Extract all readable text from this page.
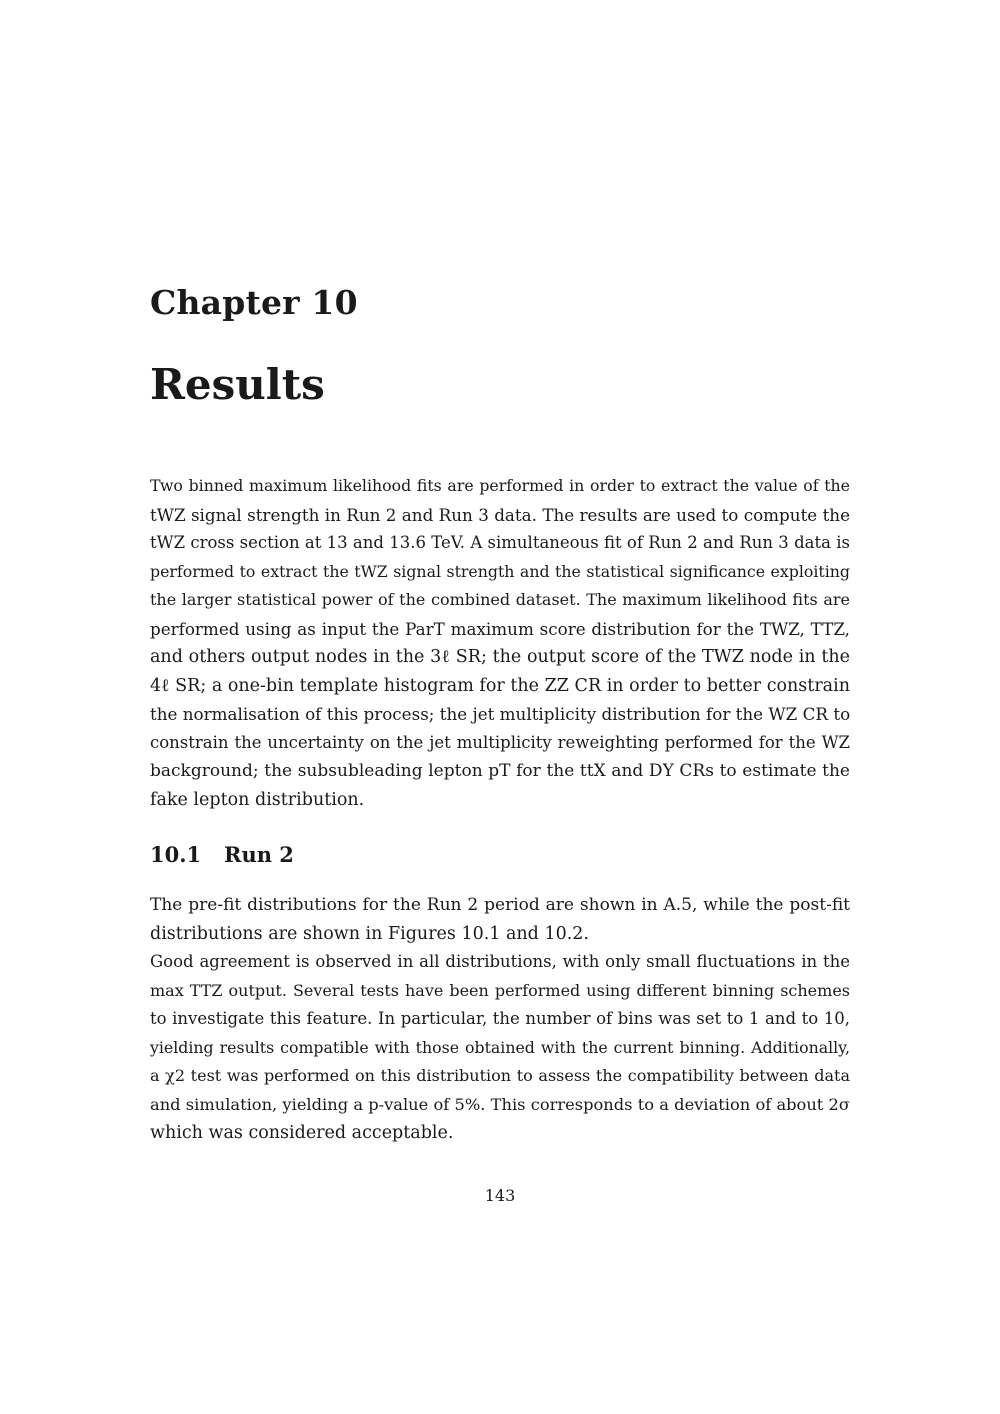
Chapter 10
Results
Two binned maximum likelihood fits are performed in order to extract the value of the
tWZ signal strength in Run 2 and Run 3 data. The results are used to compute the
tWZ cross section at 13 and 13.6 TeV. A simultaneous fit of Run 2 and Run 3 data is
performed to extract the tWZ signal strength and the statistical significance exploiting
the larger statistical power of the combined dataset. The maximum likelihood fits are
performed using as input the ParT maximum score distribution for the TWZ, TTZ,
and others output nodes in the 3ℓ SR; the output score of the TWZ node in the
4ℓ SR; a one-bin template histogram for the ZZ CR in order to better constrain
the normalisation of this process; the jet multiplicity distribution for the WZ CR to
constrain the uncertainty on the jet multiplicity reweighting performed for the WZ
background; the subsubleading lepton pT for the ttX and DY CRs to estimate the
fake lepton distribution.
10.1 Run 2
The pre-fit distributions for the Run 2 period are shown in A.5, while the post-fit
distributions are shown in Figures 10.1 and 10.2.
Good agreement is observed in all distributions, with only small fluctuations in the
max TTZ output. Several tests have been performed using different binning schemes
to investigate this feature. In particular, the number of bins was set to 1 and to 10,
yielding results compatible with those obtained with the current binning. Additionally,
a χ2 test was performed on this distribution to assess the compatibility between data
and simulation, yielding a p-value of 5%. This corresponds to a deviation of about 2σ
which was considered acceptable.
143
